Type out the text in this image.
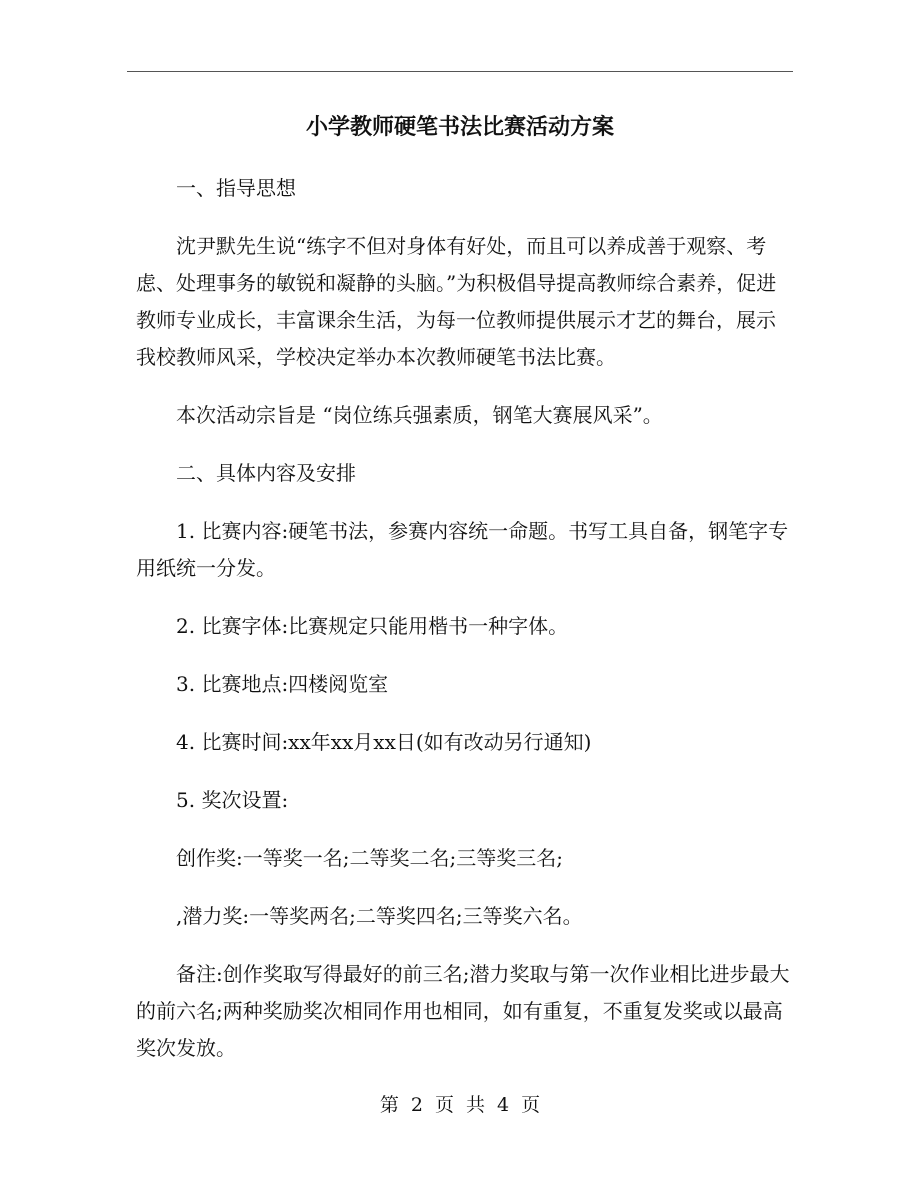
小学教师硬笔书法比赛活动方案

一、指导思想

沈尹默先生说“练字不但对身体有好处，而且可以养成善于观察、考虑、处理事务的敏锐和凝静的头脑。”为积极倡导提高教师综合素养，促进教师专业成长，丰富课余生活，为每一位教师提供展示才艺的舞台，展示我校教师风采，学校决定举办本次教师硬笔书法比赛。

本次活动宗旨是 “岗位练兵强素质，钢笔大赛展风采”。

二、具体内容及安排

1. 比赛内容:硬笔书法，参赛内容统一命题。书写工具自备，钢笔字专用纸统一分发。

2. 比赛字体:比赛规定只能用楷书一种字体。

3. 比赛地点:四楼阅览室

4. 比赛时间:xx年xx月xx日(如有改动另行通知)

5. 奖次设置:

创作奖:一等奖一名;二等奖二名;三等奖三名;

,潜力奖:一等奖两名;二等奖四名;三等奖六名。

备注:创作奖取写得最好的前三名;潜力奖取与第一次作业相比进步最大的前六名;两种奖励奖次相同作用也相同，如有重复，不重复发奖或以最高奖次发放。

第 2 页 共 4 页
